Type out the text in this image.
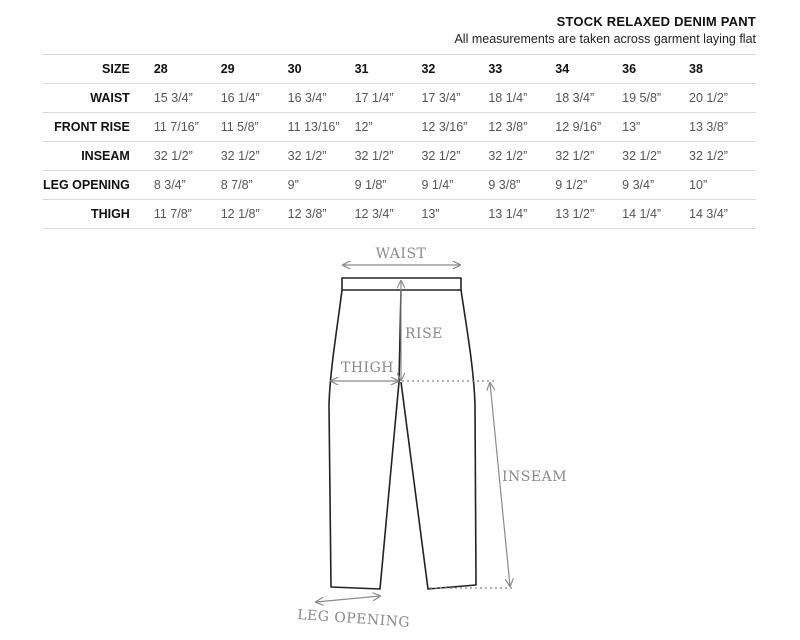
STOCK RELAXED DENIM PANT
All measurements are taken across garment laying flat
SIZE	28	29	30	31	32	33	34	36	38
WAIST	15 3/4”	16 1/4”	16 3/4”	17 1/4”	17 3/4”	18 1/4”	18 3/4”	19 5/8”	20 1/2”
FRONT RISE	11 7/16”	11 5/8”	11 13/16”	12”	12 3/16”	12 3/8”	12 9/16”	13”	13 3/8”
INSEAM	32 1/2”	32 1/2”	32 1/2”	32 1/2”	32 1/2”	32 1/2”	32 1/2”	32 1/2”	32 1/2”
LEG OPENING	8 3/4”	8 7/8”	9”	9 1/8”	9 1/4”	9 3/8”	9 1/2”	9 3/4”	10”
THIGH	11 7/8”	12 1/8”	12 3/8”	12 3/4”	13”	13 1/4”	13 1/2”	14 1/4”	14 3/4”
WAIST
RISE
THIGH
INSEAM
LEG OPENING
